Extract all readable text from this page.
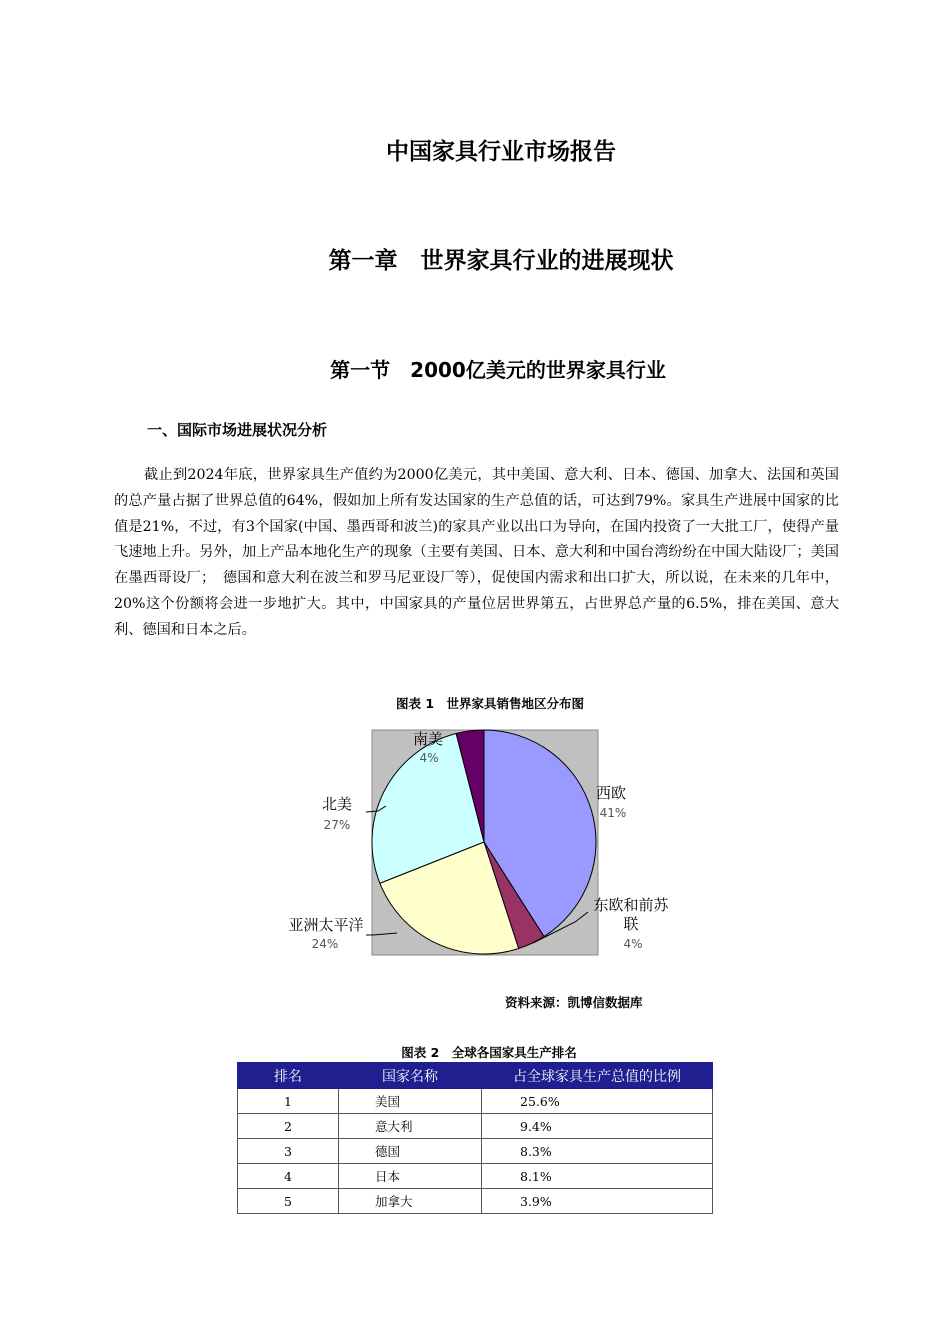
中国家具行业市场报告
第一章　世界家具行业的进展现状
第一节　2000亿美元的世界家具行业
一、国际市场进展状况分析
截止到2024年底，世界家具生产值约为2000亿美元，其中美国、意大利、日本、德国、加拿大、法国和英国的总产量占据了世界总值的64%，假如加上所有发达国家的生产总值的话，可达到79%。家具生产进展中国家的比值是21%，不过，有3个国家(中国、墨西哥和波兰)的家具产业以出口为导向，在国内投资了一大批工厂，使得产量飞速地上升。另外，加上产品本地化生产的现象（主要有美国、日本、意大利和中国台湾纷纷在中国大陆设厂；美国在墨西哥设厂；　德国和意大利在波兰和罗马尼亚设厂等），促使国内需求和出口扩大，所以说，在未来的几年中，20%这个份额将会进一步地扩大。其中，中国家具的产量位居世界第五，占世界总产量的6.5%，排在美国、意大利、德国和日本之后。
图表 1　世界家具销售地区分布图
西欧
41%
东欧和前苏
联
4%
亚洲太平洋
24%
北美
27%
南美
4%
资料来源：凯博信数据库
图表 2　全球各国家具生产排名
排名	国家名称	占全球家具生产总值的比例
1	美国	25.6%
2	意大利	9.4%
3	德国	8.3%
4	日本	8.1%
5	加拿大	3.9%
